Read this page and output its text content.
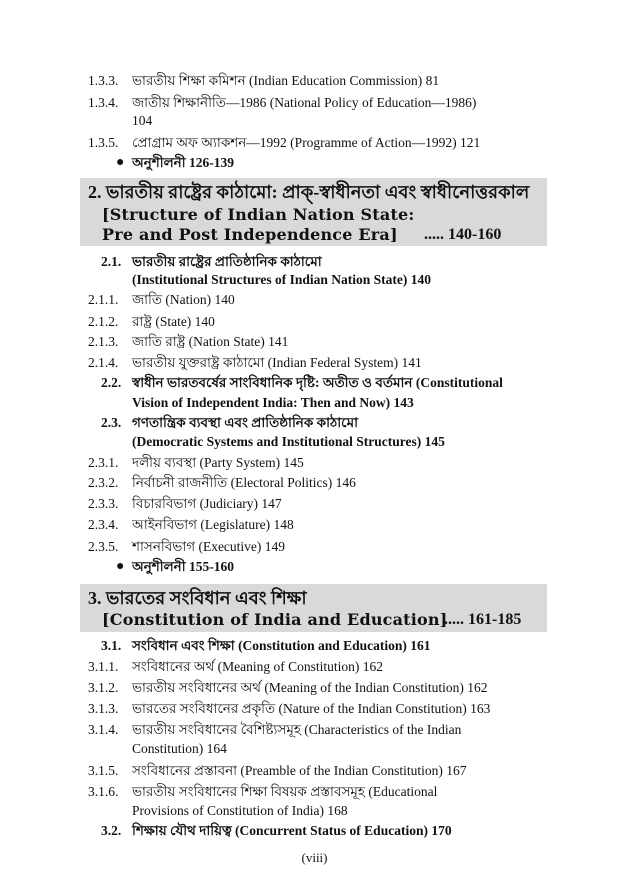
1.3.3. ভারতীয় শিক্ষা কমিশন (Indian Education Commission) 81
1.3.4. জাতীয় শিক্ষানীতি—1986 (National Policy of Education—1986)
104
1.3.5. প্রোগ্রাম অফ অ্যাকশন—1992 (Programme of Action—1992) 121
● অনুশীলনী 126-139
2. ভারতীয় রাষ্ট্রের কাঠামো: প্রাক্-স্বাধীনতা এবং স্বাধীনোত্তরকাল
[Structure of Indian Nation State:
Pre and Post Independence Era] ..... 140-160
2.1. ভারতীয় রাষ্ট্রের প্রাতিষ্ঠানিক কাঠামো
(Institutional Structures of Indian Nation State) 140
2.1.1. জাতি (Nation) 140
2.1.2. রাষ্ট্র (State) 140
2.1.3. জাতি রাষ্ট্র (Nation State) 141
2.1.4. ভারতীয় যুক্তরাষ্ট্র কাঠামো (Indian Federal System) 141
2.2. স্বাধীন ভারতবর্ষের সাংবিধানিক দৃষ্টি: অতীত ও বর্তমান (Constitutional
Vision of Independent India: Then and Now) 143
2.3. গণতান্ত্রিক ব্যবস্থা এবং প্রাতিষ্ঠানিক কাঠামো
(Democratic Systems and Institutional Structures) 145
2.3.1. দলীয় ব্যবস্থা (Party System) 145
2.3.2. নির্বাচনী রাজনীতি (Electoral Politics) 146
2.3.3. বিচারবিভাগ (Judiciary) 147
2.3.4. আইনবিভাগ (Legislature) 148
2.3.5. শাসনবিভাগ (Executive) 149
● অনুশীলনী 155-160
3. ভারতের সংবিধান এবং শিক্ষা
[Constitution of India and Education]
..... 161-185
3.1. সংবিধান এবং শিক্ষা (Constitution and Education) 161
3.1.1. সংবিধানের অর্থ (Meaning of Constitution) 162
3.1.2. ভারতীয় সংবিধানের অর্থ (Meaning of the Indian Constitution) 162
3.1.3. ভারতের সংবিধানের প্রকৃতি (Nature of the Indian Constitution) 163
3.1.4. ভারতীয় সংবিধানের বৈশিষ্ট্যসমূহ (Characteristics of the Indian
Constitution) 164
3.1.5. সংবিধানের প্রস্তাবনা (Preamble of the Indian Constitution) 167
3.1.6. ভারতীয় সংবিধানের শিক্ষা বিষয়ক প্রস্তাবসমূহ (Educational
Provisions of Constitution of India) 168
3.2. শিক্ষায় যৌথ দায়িত্ব (Concurrent Status of Education) 170
(viii)
